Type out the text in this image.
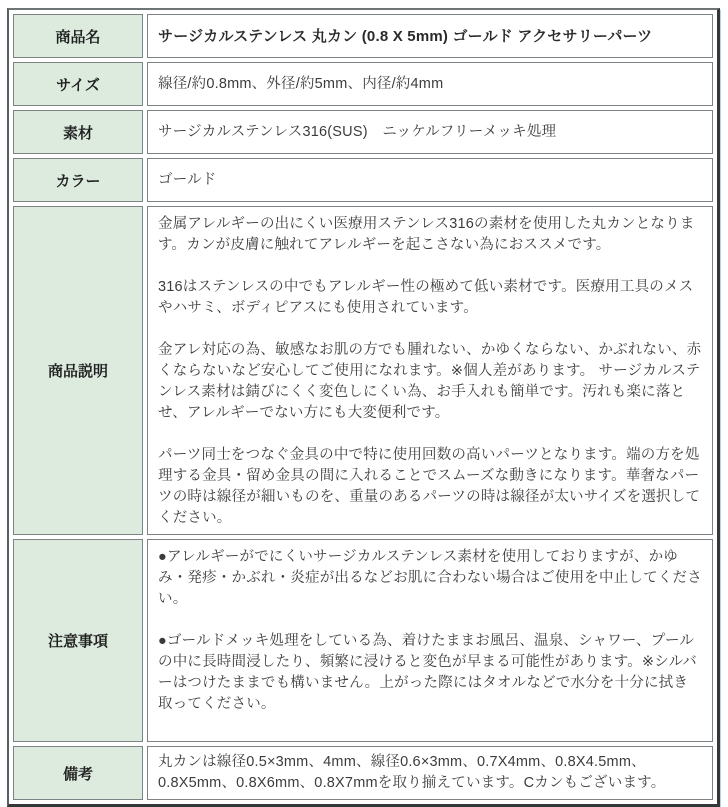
商品名	サージカルステンレス 丸カン (0.8 X 5mm) ゴールド アクセサリーパーツ
サイズ	線径/約0.8mm、外径/約5mm、内径/約4mm
素材	サージカルステンレス316(SUS)　ニッケルフリーメッキ処理
カラー	ゴールド
商品説明	金属アレルギーの出にくい医療用ステンレス316の素材を使用した丸カンとなります。カンが皮膚に触れてアレルギーを起こさない為におススメです。

316はステンレスの中でもアレルギー性の極めて低い素材です。医療用工具のメスやハサミ、ボディピアスにも使用されています。

金アレ対応の為、敏感なお肌の方でも腫れない、かゆくならない、かぶれない、赤くならないなど安心してご使用になれます。※個人差があります。 サージカルステンレス素材は錆びにくく変色しにくい為、お手入れも簡単です。汚れも楽に落とせ、アレルギーでない方にも大変便利です。

パーツ同士をつなぐ金具の中で特に使用回数の高いパーツとなります。端の方を処理する金具・留め金具の間に入れることでスムーズな動きになります。華奢なパーツの時は線径が細いものを、重量のあるパーツの時は線径が太いサイズを選択してください。

注意事項	●アレルギーがでにくいサージカルステンレス素材を使用しておりますが、かゆみ・発疹・かぶれ・炎症が出るなどお肌に合わない場合はご使用を中止してください。

●ゴールドメッキ処理をしている為、着けたままお風呂、温泉、シャワー、プールの中に長時間浸したり、頻繁に浸けると変色が早まる可能性があります。※シルバーはつけたままでも構いません。上がった際にはタオルなどで水分を十分に拭き取ってください。

備考	丸カンは線径0.5×3mm、4mm、線径0.6×3mm、0.7X4mm、0.8X4.5mm、0.8X5mm、0.8X6mm、0.8X7mmを取り揃えています。Cカンもございます。
